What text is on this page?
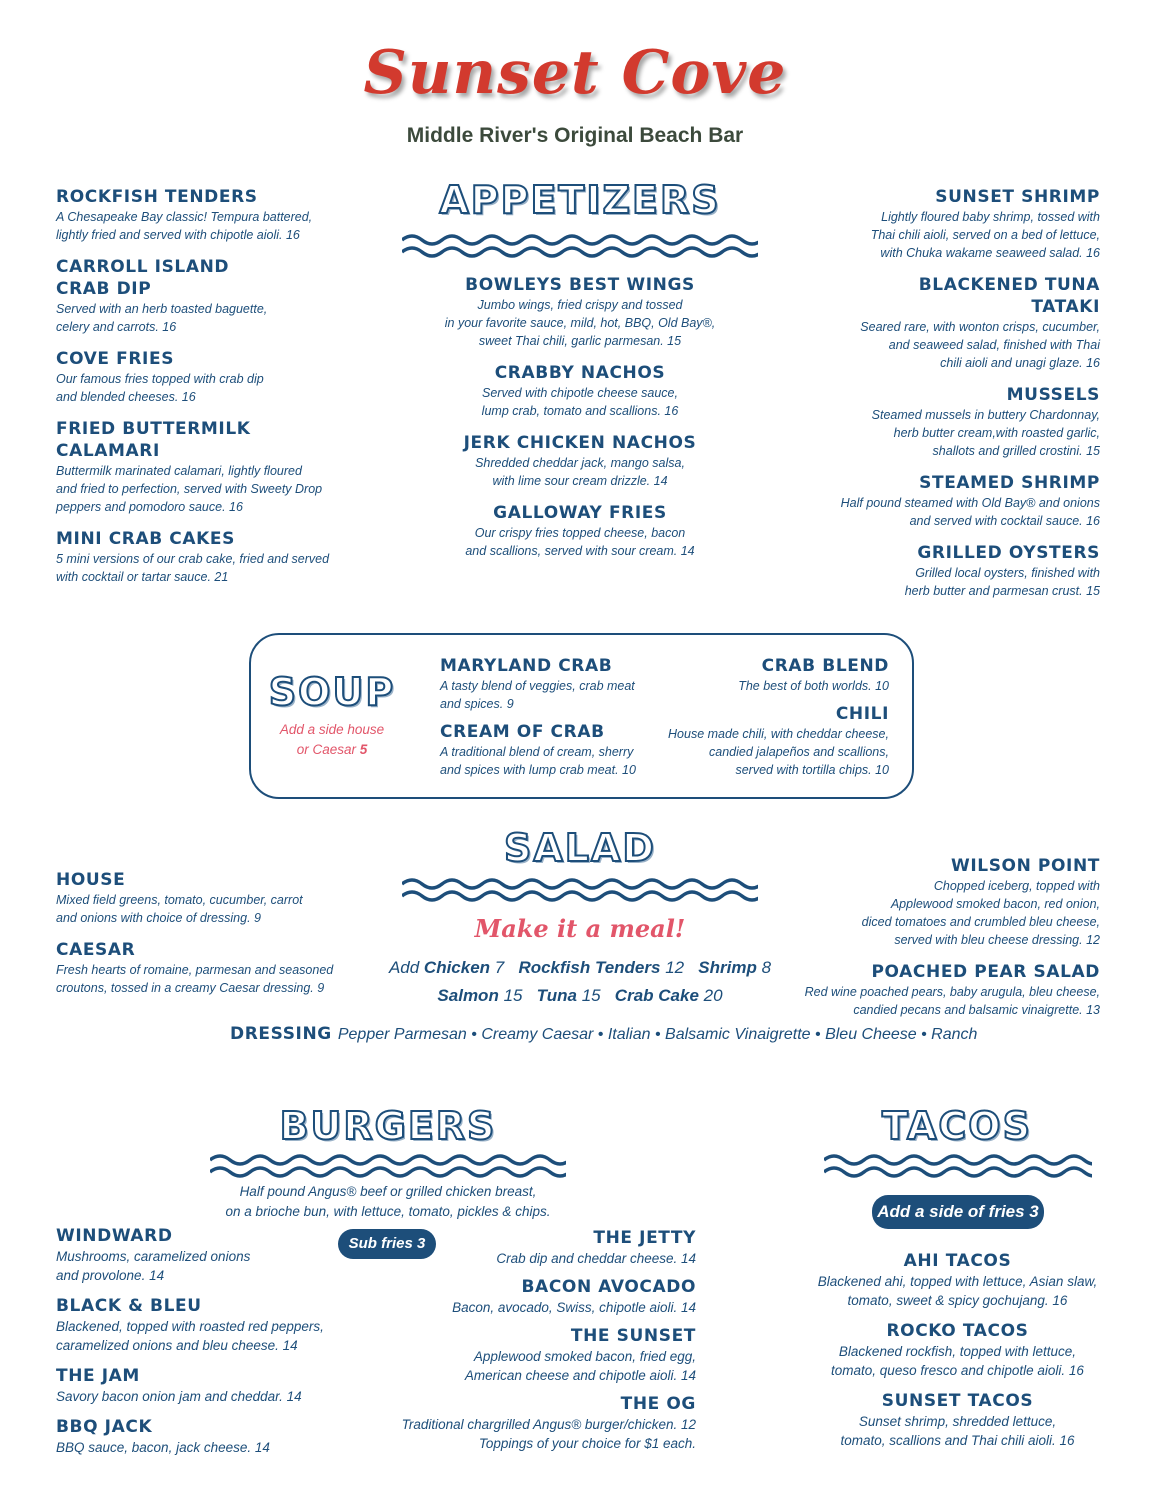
Sunset Cove
Middle River's Original Beach Bar
APPETIZERS
ROCKFISH TENDERS
A Chesapeake Bay classic! Tempura battered,
lightly fried and served with chipotle aioli. 16
CARROLL ISLAND
CRAB DIP
Served with an herb toasted baguette,
celery and carrots. 16
COVE FRIES
Our famous fries topped with crab dip
and blended cheeses. 16
FRIED BUTTERMILK
CALAMARI
Buttermilk marinated calamari, lightly floured
and fried to perfection, served with Sweety Drop
peppers and pomodoro sauce. 16
MINI CRAB CAKES
5 mini versions of our crab cake, fried and served
with cocktail or tartar sauce. 21
BOWLEYS BEST WINGS
Jumbo wings, fried crispy and tossed
in your favorite sauce, mild, hot, BBQ, Old Bay®,
sweet Thai chili, garlic parmesan. 15
CRABBY NACHOS
Served with chipotle cheese sauce,
lump crab, tomato and scallions. 16
JERK CHICKEN NACHOS
Shredded cheddar jack, mango salsa,
with lime sour cream drizzle. 14
GALLOWAY FRIES
Our crispy fries topped cheese, bacon
and scallions, served with sour cream. 14
SUNSET SHRIMP
Lightly floured baby shrimp, tossed with
Thai chili aioli, served on a bed of lettuce,
with Chuka wakame seaweed salad. 16
BLACKENED TUNA
TATAKI
Seared rare, with wonton crisps, cucumber,
and seaweed salad, finished with Thai
chili aioli and unagi glaze. 16
MUSSELS
Steamed mussels in buttery Chardonnay,
herb butter cream,with roasted garlic,
shallots and grilled crostini. 15
STEAMED SHRIMP
Half pound steamed with Old Bay® and onions
and served with cocktail sauce. 16
GRILLED OYSTERS
Grilled local oysters, finished with
herb butter and parmesan crust. 15
SOUP
Add a side house
or Caesar 5
MARYLAND CRAB
A tasty blend of veggies, crab meat
and spices. 9
CREAM OF CRAB
A traditional blend of cream, sherry
and spices with lump crab meat. 10
CRAB BLEND
The best of both worlds. 10
CHILI
House made chili, with cheddar cheese,
candied jalapeños and scallions,
served with tortilla chips. 10
SALAD
Make it a meal!
Add Chicken 7 Rockfish Tenders 12 Shrimp 8
Salmon 15 Tuna 15 Crab Cake 20
HOUSE
Mixed field greens, tomato, cucumber, carrot
and onions with choice of dressing. 9
CAESAR
Fresh hearts of romaine, parmesan and seasoned
croutons, tossed in a creamy Caesar dressing. 9
WILSON POINT
Chopped iceberg, topped with
Applewood smoked bacon, red onion,
diced tomatoes and crumbled bleu cheese,
served with bleu cheese dressing. 12
POACHED PEAR SALAD
Red wine poached pears, baby arugula, bleu cheese,
candied pecans and balsamic vinaigrette. 13
DRESSING Pepper Parmesan • Creamy Caesar • Italian • Balsamic Vinaigrette • Bleu Cheese • Ranch
BURGERS
Half pound Angus® beef or grilled chicken breast,
on a brioche bun, with lettuce, tomato, pickles & chips.
Sub fries 3
WINDWARD
Mushrooms, caramelized onions
and provolone. 14
BLACK & BLEU
Blackened, topped with roasted red peppers,
caramelized onions and bleu cheese. 14
THE JAM
Savory bacon onion jam and cheddar. 14
BBQ JACK
BBQ sauce, bacon, jack cheese. 14
THE JETTY
Crab dip and cheddar cheese. 14
BACON AVOCADO
Bacon, avocado, Swiss, chipotle aioli. 14
THE SUNSET
Applewood smoked bacon, fried egg,
American cheese and chipotle aioli. 14
THE OG
Traditional chargrilled Angus® burger/chicken. 12
Toppings of your choice for $1 each.
TACOS
Add a side of fries 3
AHI TACOS
Blackened ahi, topped with lettuce, Asian slaw,
tomato, sweet & spicy gochujang. 16
ROCKO TACOS
Blackened rockfish, topped with lettuce,
tomato, queso fresco and chipotle aioli. 16
SUNSET TACOS
Sunset shrimp, shredded lettuce,
tomato, scallions and Thai chili aioli. 16
